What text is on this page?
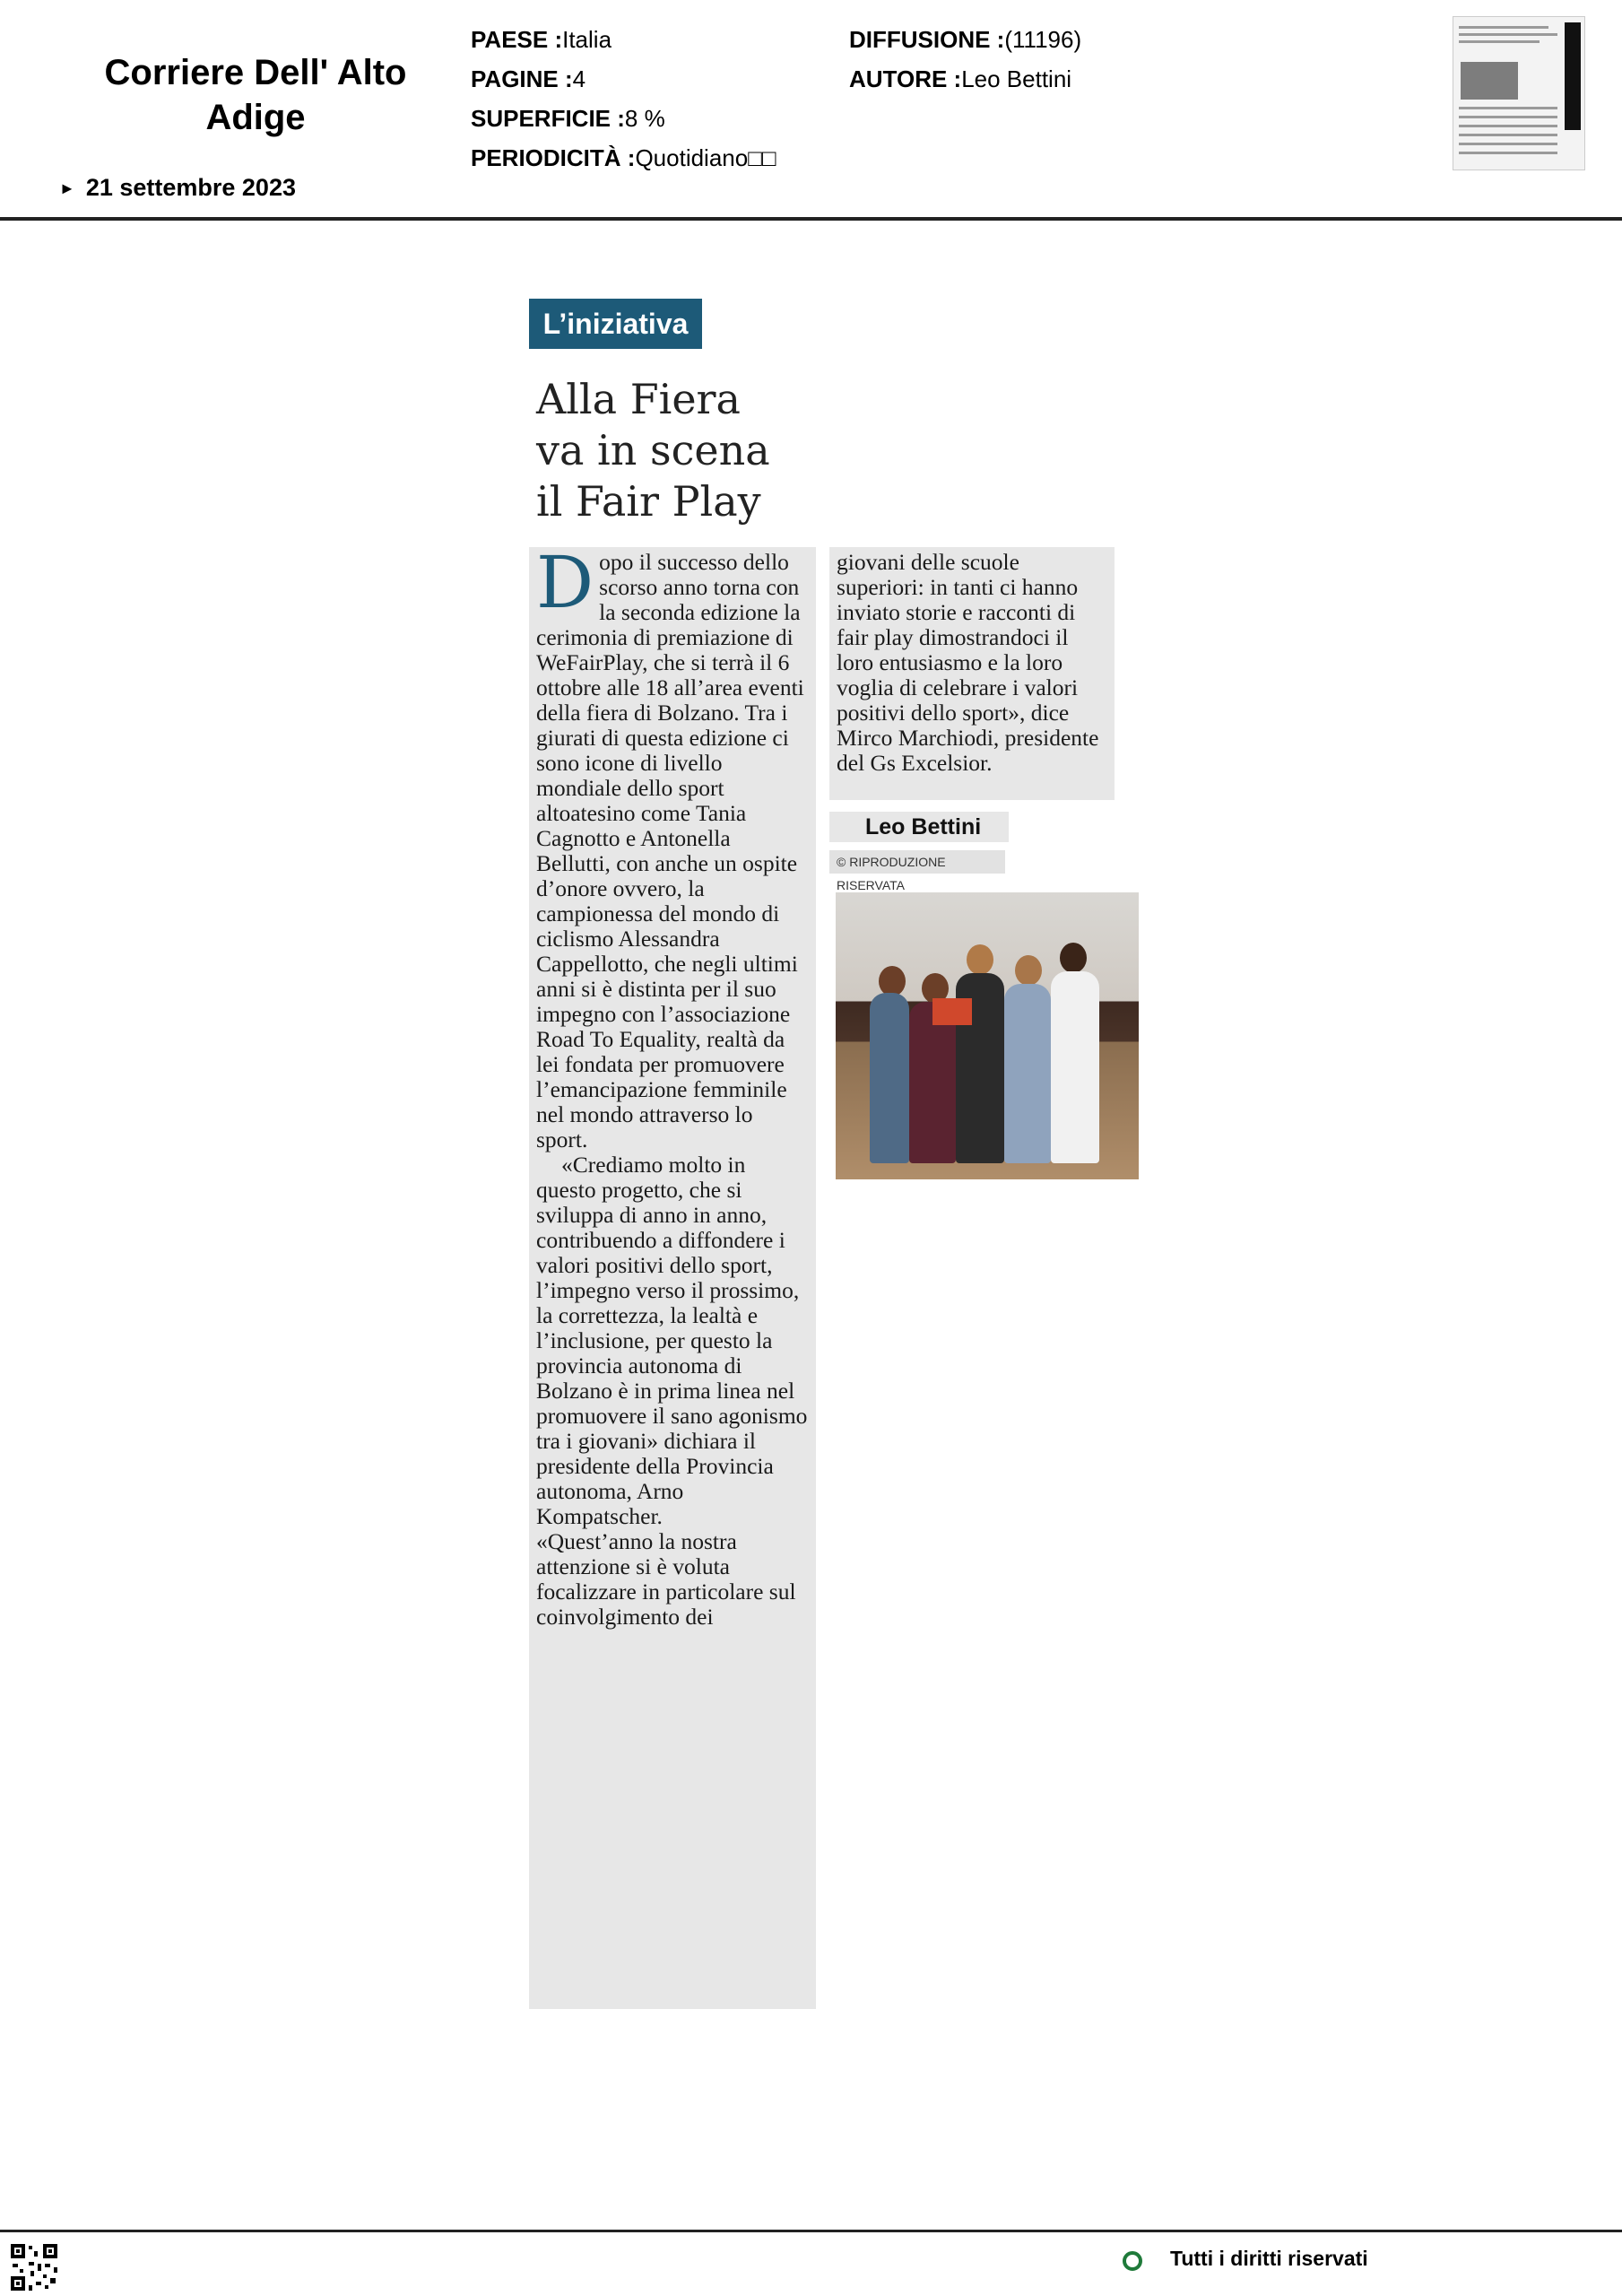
Corriere Dell' Alto Adige
► 21 settembre 2023
PAESE :Italia
PAGINE :4
SUPERFICIE :8 %
PERIODICITÀ :Quotidiano□□
DIFFUSIONE :(11196)
AUTORE :Leo Bettini
L’iniziativa
Alla Fiera
va in scena
il Fair Play
D opo il successo dello scorso anno torna con la seconda edizione la cerimonia di premiazione di WeFairPlay, che si terrà il 6 ottobre alle 18 all’area eventi della fiera di Bolzano. Tra i giurati di questa edizione ci sono icone di livello mondiale dello sport altoatesino come Tania Cagnotto e Antonella Bellutti, con anche un ospite d’onore ovvero, la campionessa del mondo di ciclismo Alessandra Cappellotto, che negli ultimi anni si è distinta per il suo impegno con l’associazione Road To Equality, realtà da lei fondata per promuovere l’emancipazione femminile nel mondo attraverso lo sport.

«Crediamo molto in questo progetto, che si sviluppa di anno in anno, contribuendo a diffondere i valori positivi dello sport, l’impegno verso il prossimo, la correttezza, la lealtà e l’inclusione, per questo la provincia autonoma di Bolzano è in prima linea nel promuovere il sano agonismo tra i giovani» dichiara il presidente della Provincia autonoma, Arno Kompatscher.

«Quest’anno la nostra attenzione si è voluta focalizzare in particolare sul coinvolgimento dei

giovani delle scuole superiori: in tanti ci hanno inviato storie e racconti di fair play dimostrandoci il loro entusiasmo e la loro voglia di celebrare i valori positivi dello sport», dice Mirco Marchiodi, presidente del Gs Excelsior.

Leo Bettini
© RIPRODUZIONE RISERVATA
Tutti i diritti riservati
